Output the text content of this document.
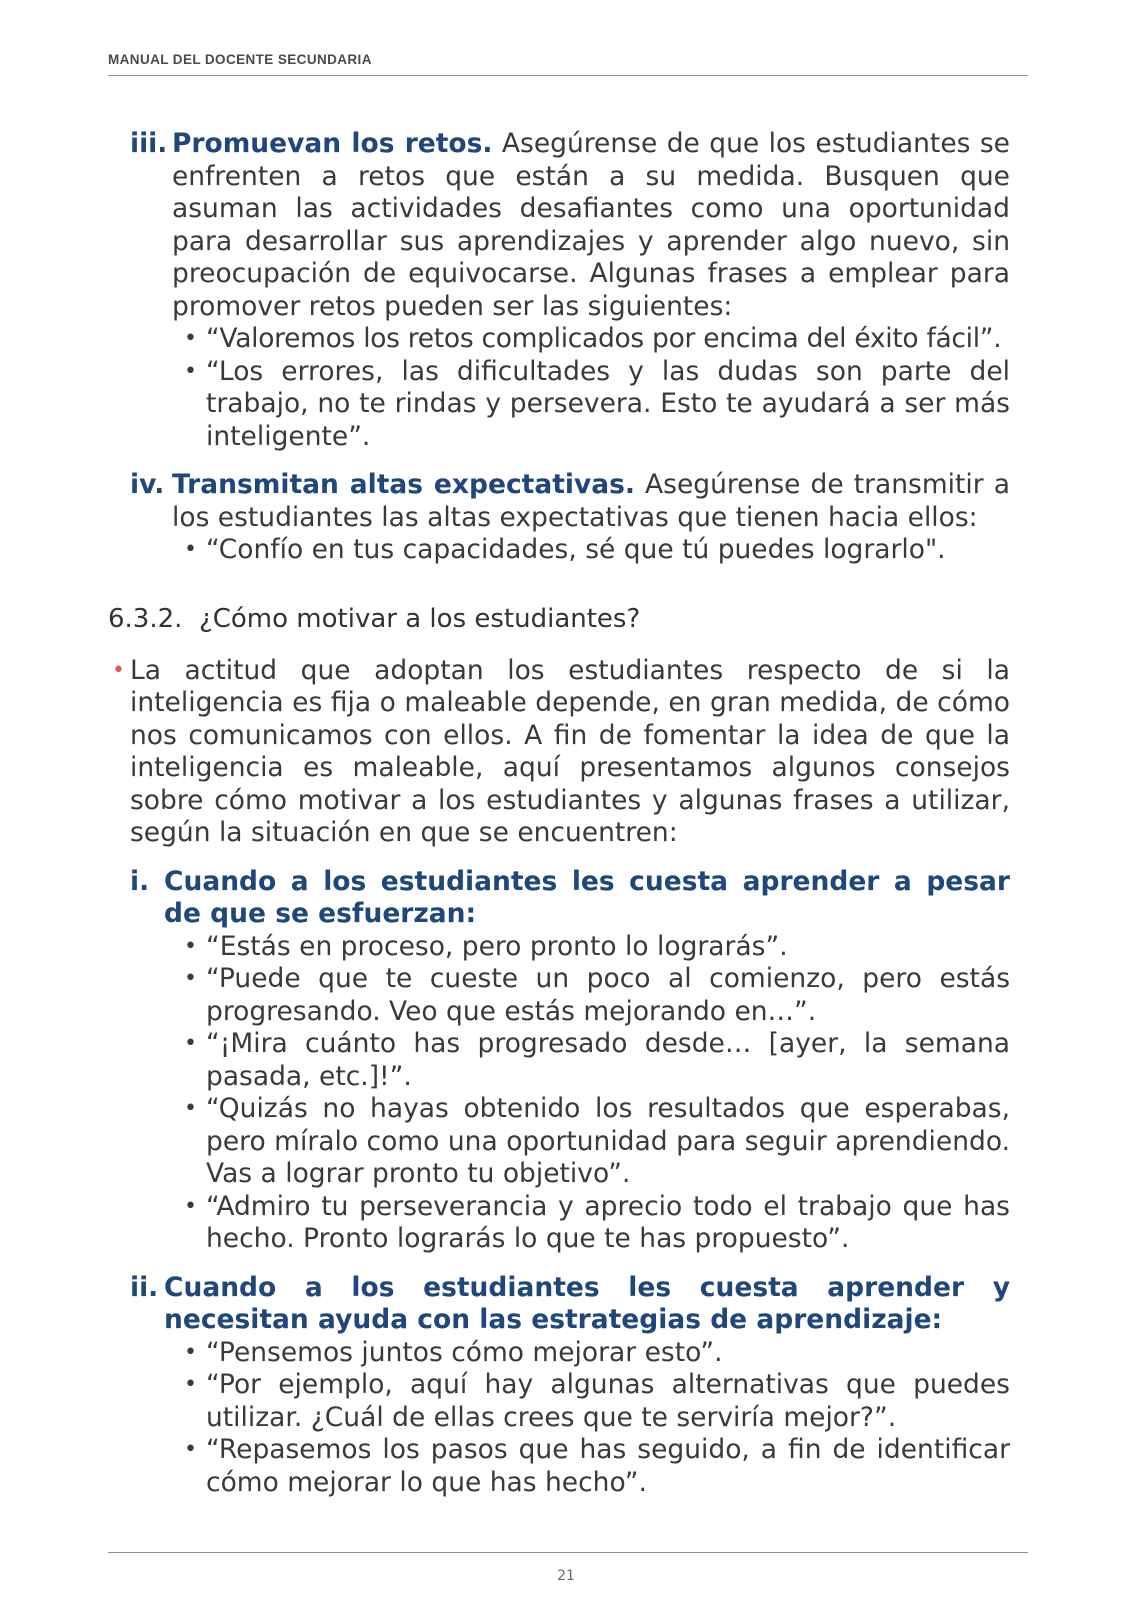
MANUAL DEL DOCENTE SECUNDARIA
iii. Promuevan los retos. Asegúrense de que los estudiantes se enfrenten a retos que están a su medida. Busquen que asuman las actividades desafiantes como una oportunidad para desarrollar sus aprendizajes y aprender algo nuevo, sin preocupación de equivocarse. Algunas frases a emplear para promover retos pueden ser las siguientes:

• “Valoremos los retos complicados por encima del éxito fácil”.

• “Los errores, las dificultades y las dudas son parte del trabajo, no te rindas y persevera. Esto te ayudará a ser más inteligente”.

iv. Transmitan altas expectativas. Asegúrense de transmitir a los estudiantes las altas expectativas que tienen hacia ellos:

• “Confío en tus capacidades, sé que tú puedes lograrlo".

6.3.2.  ¿Cómo motivar a los estudiantes?

• La actitud que adoptan los estudiantes respecto de si la inteligencia es fija o maleable depende, en gran medida, de cómo nos comunicamos con ellos. A fin de fomentar la idea de que la inteligencia es maleable, aquí presentamos algunos consejos sobre cómo motivar a los estudiantes y algunas frases a utilizar, según la situación en que se encuentren:

i. Cuando a los estudiantes les cuesta aprender a pesar de que se esfuerzan:

• “Estás en proceso, pero pronto lo lograrás”.

• “Puede que te cueste un poco al comienzo, pero estás progresando. Veo que estás mejorando en…”.

• “¡Mira cuánto has progresado desde… [ayer, la semana pasada, etc.]!”.

• “Quizás no hayas obtenido los resultados que esperabas, pero míralo como una oportunidad para seguir aprendiendo. Vas a lograr pronto tu objetivo”.

• “Admiro tu perseverancia y aprecio todo el trabajo que has hecho. Pronto lograrás lo que te has propuesto”.

ii. Cuando a los estudiantes les cuesta aprender y necesitan ayuda con las estrategias de aprendizaje:

• “Pensemos juntos cómo mejorar esto”.

• “Por ejemplo, aquí hay algunas alternativas que puedes utilizar. ¿Cuál de ellas crees que te serviría mejor?”.

• “Repasemos los pasos que has seguido, a fin de identificar cómo mejorar lo que has hecho”.

21
